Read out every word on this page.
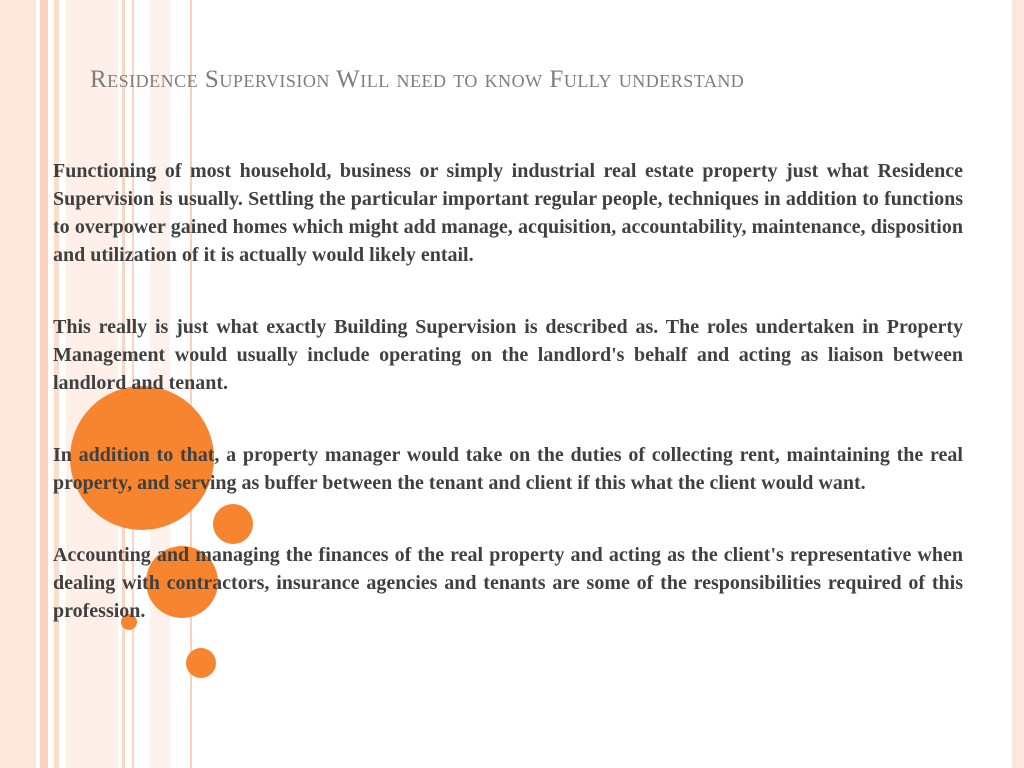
Residence Supervision Will need to know Fully understand

Functioning of most household, business or simply industrial real estate property just what Residence Supervision is usually. Settling the particular important regular people, techniques in addition to functions to overpower gained homes which might add manage, acquisition, accountability, maintenance, disposition and utilization of it is actually would likely entail.

This really is just what exactly Building Supervision is described as. The roles undertaken in Property Management would usually include operating on the landlord's behalf and acting as liaison between landlord and tenant.

In addition to that, a property manager would take on the duties of collecting rent, maintaining the real property, and serving as buffer between the tenant and client if this what the client would want.

Accounting and managing the finances of the real property and acting as the client's representative when dealing with contractors, insurance agencies and tenants are some of the responsibilities required of this profession.
